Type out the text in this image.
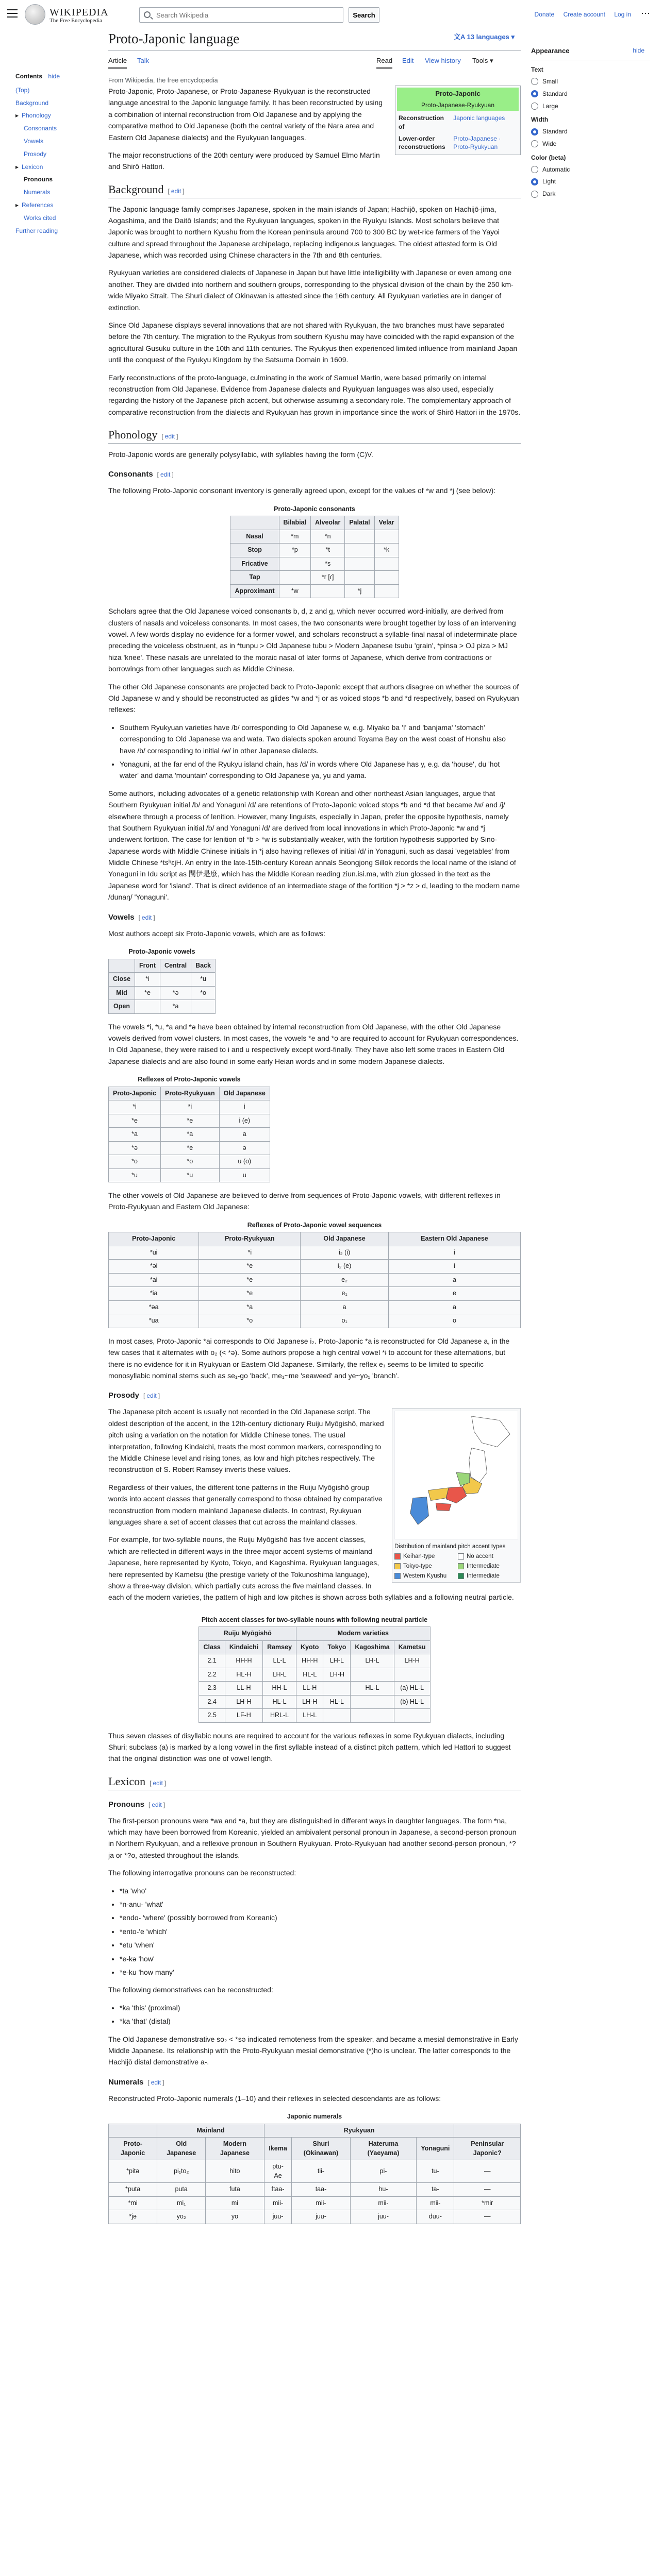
WIKIPEDIA
The Free Encyclopedia
Search Wikipedia
Search	Donate Create account Log in ⋯
Contents hide
(Top)
Background
▸ Phonology
Consonants
Vowels
Prosody
▸ Lexicon
Pronouns
Numerals
▸ References
Works cited
Further reading
Proto-Japonic language	文A 13 languages ▾
Article Talk	Read Edit View history Tools ▾
From Wikipedia, the free encyclopedia
Appearance	hide
Text
Small
Standard
Large
Width
Standard
Wide
Color (beta)
Automatic
Light
Dark
Proto-Japonic
Proto-Japanese-Ryukyuan
Reconstruction of	Japonic languages
Lower-order reconstructions	Proto-Japanese · Proto-Ryukyuan

Proto-Japonic, Proto-Japanese, or Proto-Japanese-Ryukyuan is the reconstructed language ancestral to the Japonic language family. It has been reconstructed by using a combination of internal reconstruction from Old Japanese and by applying the comparative method to Old Japanese (both the central variety of the Nara area and Eastern Old Japanese dialects) and the Ryukyuan languages.

The major reconstructions of the 20th century were produced by Samuel Elmo Martin and Shirō Hattori.

Background [ edit ]

The Japonic language family comprises Japanese, spoken in the main islands of Japan; Hachijō, spoken on Hachijō-jima, Aogashima, and the Daitō Islands; and the Ryukyuan languages, spoken in the Ryukyu Islands. Most scholars believe that Japonic was brought to northern Kyushu from the Korean peninsula around 700 to 300 BC by wet-rice farmers of the Yayoi culture and spread throughout the Japanese archipelago, replacing indigenous languages. The oldest attested form is Old Japanese, which was recorded using Chinese characters in the 7th and 8th centuries.

Ryukyuan varieties are considered dialects of Japanese in Japan but have little intelligibility with Japanese or even among one another. They are divided into northern and southern groups, corresponding to the physical division of the chain by the 250 km-wide Miyako Strait. The Shuri dialect of Okinawan is attested since the 16th century. All Ryukyuan varieties are in danger of extinction.

Since Old Japanese displays several innovations that are not shared with Ryukyuan, the two branches must have separated before the 7th century. The migration to the Ryukyus from southern Kyushu may have coincided with the rapid expansion of the agricultural Gusuku culture in the 10th and 11th centuries. The Ryukyus then experienced limited influence from mainland Japan until the conquest of the Ryukyu Kingdom by the Satsuma Domain in 1609.

Early reconstructions of the proto-language, culminating in the work of Samuel Martin, were based primarily on internal reconstruction from Old Japanese. Evidence from Japanese dialects and Ryukyuan languages was also used, especially regarding the history of the Japanese pitch accent, but otherwise assuming a secondary role. The complementary approach of comparative reconstruction from the dialects and Ryukyuan has grown in importance since the work of Shirō Hattori in the 1970s.

Phonology [ edit ]

Proto-Japonic words are generally polysyllabic, with syllables having the form (C)V.

Consonants [ edit ]

The following Proto-Japonic consonant inventory is generally agreed upon, except for the values of *w and *j (see below):

Proto-Japonic consonants
	Bilabial	Alveolar	Palatal	Velar
Nasal	*m	*n		
Stop	*p	*t		*k
Fricative		*s		
Tap		*r [ɾ]		
Approximant	*w		*j	

Scholars agree that the Old Japanese voiced consonants b, d, z and g, which never occurred word-initially, are derived from clusters of nasals and voiceless consonants. In most cases, the two consonants were brought together by loss of an intervening vowel. A few words display no evidence for a former vowel, and scholars reconstruct a syllable-final nasal of indeterminate place preceding the voiceless obstruent, as in *tunpu > Old Japanese tubu > Modern Japanese tsubu 'grain', *pinsa > OJ piza > MJ hiza 'knee'. These nasals are unrelated to the moraic nasal of later forms of Japanese, which derive from contractions or borrowings from other languages such as Middle Chinese.

The other Old Japanese consonants are projected back to Proto-Japonic except that authors disagree on whether the sources of Old Japanese w and y should be reconstructed as glides *w and *j or as voiced stops *b and *d respectively, based on Ryukyuan reflexes:

• Southern Ryukyuan varieties have /b/ corresponding to Old Japanese w, e.g. Miyako ba 'I' and 'banjama' 'stomach' corresponding to Old Japanese wa and wata. Two dialects spoken around Toyama Bay on the west coast of Honshu also have /b/ corresponding to initial /w/ in other Japanese dialects.
• Yonaguni, at the far end of the Ryukyu island chain, has /d/ in words where Old Japanese has y, e.g. da 'house', du 'hot water' and dama 'mountain' corresponding to Old Japanese ya, yu and yama.

Some authors, including advocates of a genetic relationship with Korean and other northeast Asian languages, argue that Southern Ryukyuan initial /b/ and Yonaguni /d/ are retentions of Proto-Japonic voiced stops *b and *d that became /w/ and /j/ elsewhere through a process of lenition. However, many linguists, especially in Japan, prefer the opposite hypothesis, namely that Southern Ryukyuan initial /b/ and Yonaguni /d/ are derived from local innovations in which Proto-Japonic *w and *j underwent fortition. The case for lenition of *b > *w is substantially weaker, with the fortition hypothesis supported by Sino-Japanese words with Middle Chinese initials in *j also having reflexes of initial /d/ in Yonaguni, such as dasai 'vegetables' from Middle Chinese *tsʰɛjH. An entry in the late-15th-century Korean annals Seongjong Sillok records the local name of the island of Yonaguni in Idu script as 閏伊是麼, which has the Middle Korean reading ziun.isi.ma, with ziun glossed in the text as the Japanese word for 'island'. That is direct evidence of an intermediate stage of the fortition *j > *z > d, leading to the modern name /dunaŋ/ 'Yonaguni'.

Vowels [ edit ]

Most authors accept six Proto-Japonic vowels, which are as follows:

Proto-Japonic vowels
	Front	Central	Back
Close	*i		*u
Mid	*e	*ə	*o
Open		*a	

The vowels *i, *u, *a and *ə have been obtained by internal reconstruction from Old Japanese, with the other Old Japanese vowels derived from vowel clusters. In most cases, the vowels *e and *o are required to account for Ryukyuan correspondences. In Old Japanese, they were raised to i and u respectively except word-finally. They have also left some traces in Eastern Old Japanese dialects and are also found in some early Heian words and in some modern Japanese dialects.

Reflexes of Proto-Japonic vowels
Proto-Japonic	Proto-Ryukyuan	Old Japanese
*i	*i	i
*e	*e	i (e)
*a	*a	a
*ə	*e	ə
*o	*o	u (o)
*u	*u	u

The other vowels of Old Japanese are believed to derive from sequences of Proto-Japonic vowels, with different reflexes in Proto-Ryukyuan and Eastern Old Japanese:

Reflexes of Proto-Japonic vowel sequences
Proto-Japonic	Proto-Ryukyuan	Old Japanese	Eastern Old Japanese
*ui	*i	i₂ (i)	i
*əi	*e	i₂ (e)	i
*ai	*e	e₂	a
*ia	*e	e₁	e
*əa	*a	a	a
*ua	*o	o₁	o

In most cases, Proto-Japonic *ai corresponds to Old Japanese i₂. Proto-Japonic *a is reconstructed for Old Japanese a, in the few cases that it alternates with o₂ (< *ə). Some authors propose a high central vowel *ɨ to account for these alternations, but there is no evidence for it in Ryukyuan or Eastern Old Japanese. Similarly, the reflex e₁ seems to be limited to specific monosyllabic nominal stems such as se₁-go 'back', me₁~me 'seaweed' and ye~yo₁ 'branch'.

Prosody [ edit ]
Distribution of mainland pitch accent types
Keihan-type	No accent
Tokyo-type	Intermediate
Western Kyushu	Intermediate

The Japanese pitch accent is usually not recorded in the Old Japanese script. The oldest description of the accent, in the 12th-century dictionary Ruiju Myōgishō, marked pitch using a variation on the notation for Middle Chinese tones. The usual interpretation, following Kindaichi, treats the most common markers, corresponding to the Middle Chinese level and rising tones, as low and high pitches respectively. The reconstruction of S. Robert Ramsey inverts these values.

Regardless of their values, the different tone patterns in the Ruiju Myōgishō group words into accent classes that generally correspond to those obtained by comparative reconstruction from modern mainland Japanese dialects. In contrast, Ryukyuan languages share a set of accent classes that cut across the mainland classes.

For example, for two-syllable nouns, the Ruiju Myōgishō has five accent classes, which are reflected in different ways in the three major accent systems of mainland Japanese, here represented by Kyoto, Tokyo, and Kagoshima. Ryukyuan languages, here represented by Kametsu (the prestige variety of the Tokunoshima language), show a three-way division, which partially cuts across the five mainland classes. In each of the modern varieties, the pattern of high and low pitches is shown across both syllables and a following neutral particle.

Pitch accent classes for two-syllable nouns with following neutral particle
Ruiju Myōgishō			Modern varieties			
Class	Kindaichi	Ramsey	Kyoto	Tokyo	Kagoshima	Kametsu
2.1	HH-H	LL-L	HH-H	LH-L	LH-L	LH-H
2.2	HL-H	LH-L	HL-L	LH-H		
2.3	LL-H	HH-L	LL-H		HL-L	(a) HL-L
2.4	LH-H	HL-L	LH-H	HL-L		(b) HL-L
2.5	LF-H	HRL-L	LH-L			

Thus seven classes of disyllabic nouns are required to account for the various reflexes in some Ryukyuan dialects, including Shuri; subclass (a) is marked by a long vowel in the first syllable instead of a distinct pitch pattern, which led Hattori to suggest that the original distinction was one of vowel length.

Lexicon [ edit ]
Pronouns [ edit ]

The first-person pronouns were *wa and *a, but they are distinguished in different ways in daughter languages. The form *na, which may have been borrowed from Koreanic, yielded an ambivalent personal pronoun in Japanese, a second-person pronoun in Northern Ryukyuan, and a reflexive pronoun in Southern Ryukyuan. Proto-Ryukyuan had another second-person pronoun, *?ja or *?o, attested throughout the islands.

The following interrogative pronouns can be reconstructed:

• *ta 'who'
• *n-anu- 'what'
• *endo- 'where' (possibly borrowed from Koreanic)
• *ento-'e 'which'
• *etu 'when'
• *e-kə 'how'
• *e-ku 'how many'

The following demonstratives can be reconstructed:

• *ka 'this' (proximal)
• *ka 'that' (distal)

The Old Japanese demonstrative so₂ < *sə indicated remoteness from the speaker, and became a mesial demonstrative in Early Middle Japanese. Its relationship with the Proto-Ryukyuan mesial demonstrative (*)ho is unclear. The latter corresponds to the Hachijō distal demonstrative a-.

Numerals [ edit ]

Reconstructed Proto-Japonic numerals (1–10) and their reflexes in selected descendants are as follows:

Japonic numerals
	Mainland		Ryukyuan				
Proto-Japonic	Old Japanese	Modern Japanese	Ikema	Shuri (Okinawan)	Hateruma (Yaeyama)	Yonaguni	Peninsular Japonic?
*pitə	pi₁to₂	hito	ptu-Ae	tii-	pi-	tu-	—
*puta	puta	futa	ftaa-	taa-	hu-	ta-	—
*mi	mi₁	mi	mii-	mii-	mii-	mii-	*mir
*jə	yo₂	yo	juu-	juu-	juu-	duu-	—
